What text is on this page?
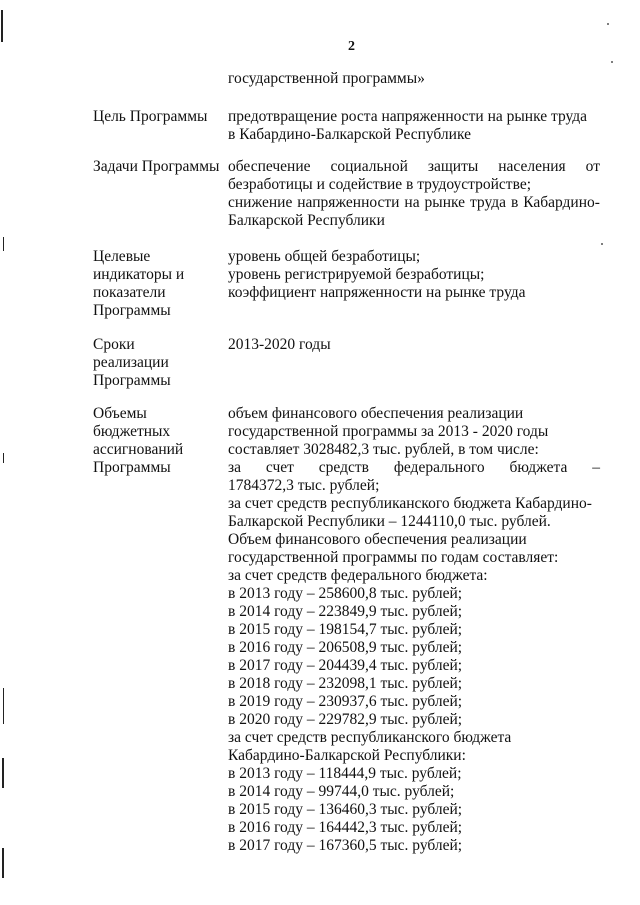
2
государственной программы»
Цель Программы	предотвращение роста напряженности на рынке труда
в Кабардино-Балкарской Республике
Задачи Программы обеспечение социальной защиты населения от
безработицы и содействие в трудоустройстве;
снижение напряженности на рынке труда в Кабардино-
Балкарской Республики
Целевые
индикаторы и
показатели
Программы
уровень общей безработицы;
уровень регистрируемой безработицы;
коэффициент напряженности на рынке труда
Сроки
реализации
Программы
2013-2020 годы
Объемы
бюджетных
ассигнований
Программы
объем финансового обеспечения реализации
государственной программы за 2013 - 2020 годы
составляет 3028482,3 тыс. рублей, в том числе:
за счет средств федерального бюджета –
1784372,3 тыс. рублей;
за счет средств республиканского бюджета Кабардино-
Балкарской Республики – 1244110,0 тыс. рублей.
Объем финансового обеспечения реализации
государственной программы по годам составляет:
за счет средств федерального бюджета:
в 2013 году – 258600,8 тыс. рублей;
в 2014 году – 223849,9 тыс. рублей;
в 2015 году – 198154,7 тыс. рублей;
в 2016 году – 206508,9 тыс. рублей;
в 2017 году – 204439,4 тыс. рублей;
в 2018 году – 232098,1 тыс. рублей;
в 2019 году – 230937,6 тыс. рублей;
в 2020 году – 229782,9 тыс. рублей;
за счет средств республиканского бюджета
Кабардино-Балкарской Республики:
в 2013 году – 118444,9 тыс. рублей;
в 2014 году – 99744,0 тыс. рублей;
в 2015 году – 136460,3 тыс. рублей;
в 2016 году – 164442,3 тыс. рублей;
в 2017 году – 167360,5 тыс. рублей;
